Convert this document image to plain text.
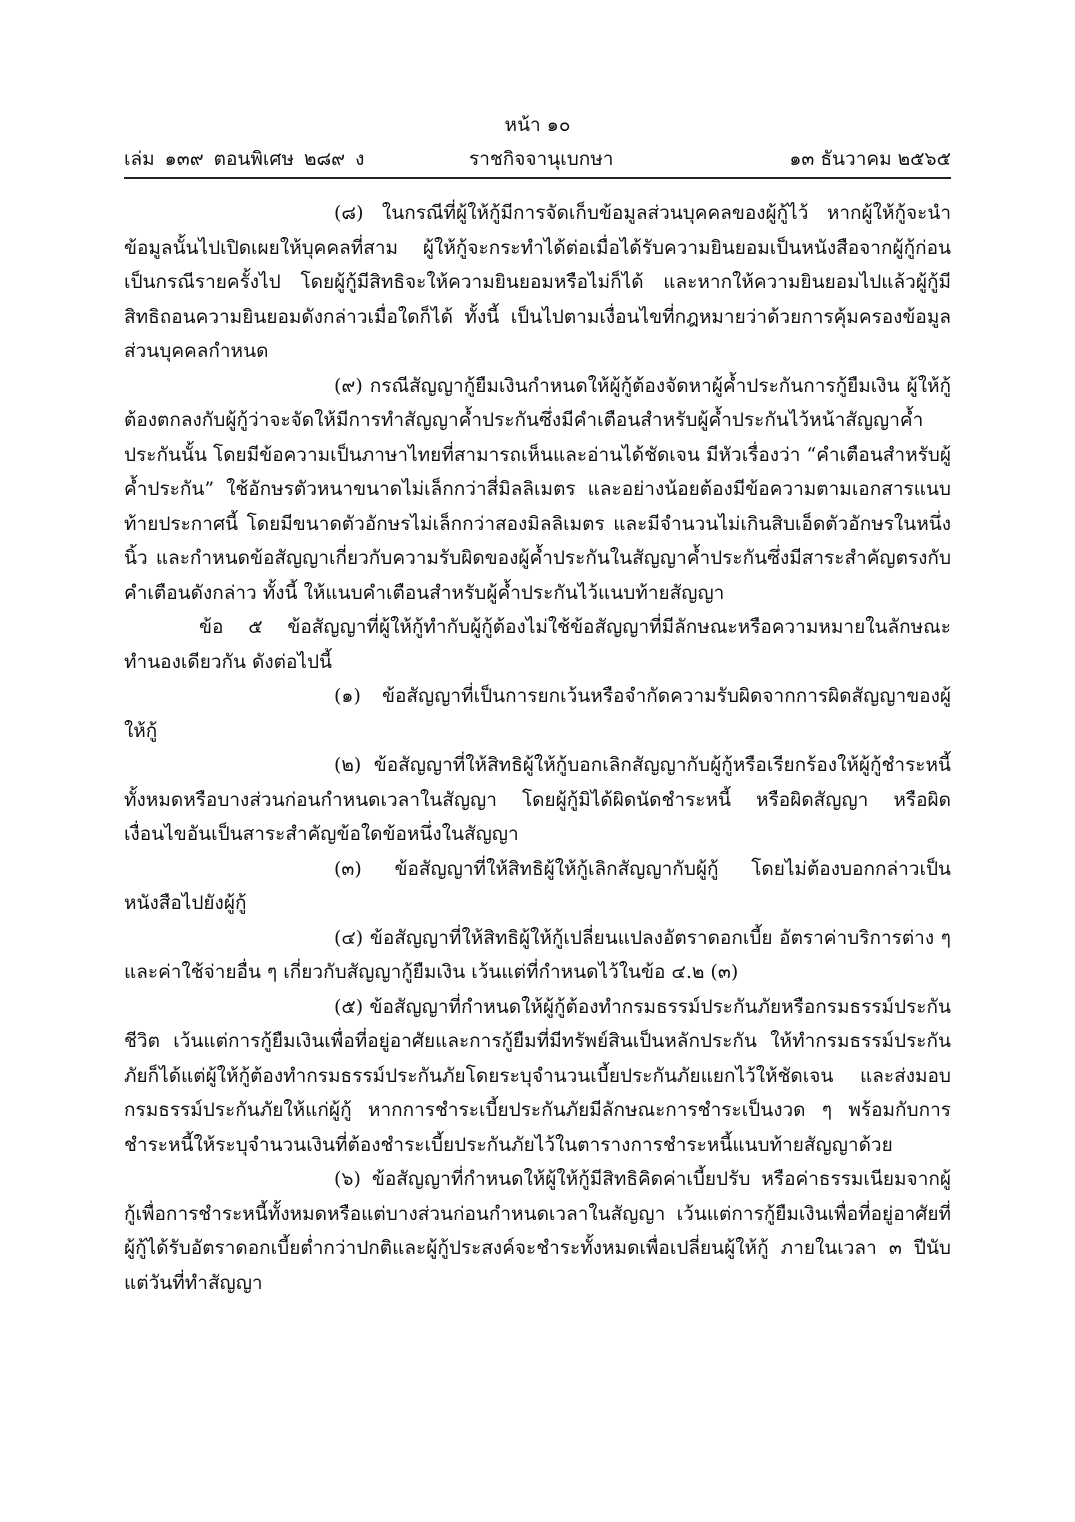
หน้า ๑๐
เล่ม ๑๓๙ ตอนพิเศษ ๒๘๙ ง	ราชกิจจานุเบกษา	๑๓ ธันวาคม ๒๕๖๕

(๘) ในกรณีที่ผู้ให้กู้มีการจัดเก็บข้อมูลส่วนบุคคลของผู้กู้ไว้ หากผู้ให้กู้จะนำข้อมูลนั้นไปเปิดเผยให้บุคคลที่สาม ผู้ให้กู้จะกระทำได้ต่อเมื่อได้รับความยินยอมเป็นหนังสือจากผู้กู้ก่อนเป็นกรณีรายครั้งไป โดยผู้กู้มีสิทธิจะให้ความยินยอมหรือไม่ก็ได้ และหากให้ความยินยอมไปแล้วผู้กู้มีสิทธิถอนความยินยอมดังกล่าวเมื่อใดก็ได้ ทั้งนี้ เป็นไปตามเงื่อนไขที่กฎหมายว่าด้วยการคุ้มครองข้อมูลส่วนบุคคลกำหนด

(๙) กรณีสัญญากู้ยืมเงินกำหนดให้ผู้กู้ต้องจัดหาผู้ค้ำประกันการกู้ยืมเงิน ผู้ให้กู้ต้องตกลงกับผู้กู้ว่าจะจัดให้มีการทำสัญญาค้ำประกันซึ่งมีคำเตือนสำหรับผู้ค้ำประกันไว้หน้าสัญญาค้ำประกันนั้น โดยมีข้อความเป็นภาษาไทยที่สามารถเห็นและอ่านได้ชัดเจน มีหัวเรื่องว่า “คำเตือนสำหรับผู้ค้ำประกัน” ใช้อักษรตัวหนาขนาดไม่เล็กกว่าสี่มิลลิเมตร และอย่างน้อยต้องมีข้อความตามเอกสารแนบท้ายประกาศนี้ โดยมีขนาดตัวอักษรไม่เล็กกว่าสองมิลลิเมตร และมีจำนวนไม่เกินสิบเอ็ดตัวอักษรในหนึ่งนิ้ว และกำหนดข้อสัญญาเกี่ยวกับความรับผิดของผู้ค้ำประกันในสัญญาค้ำประกันซึ่งมีสาระสำคัญตรงกับคำเตือนดังกล่าว ทั้งนี้ ให้แนบคำเตือนสำหรับผู้ค้ำประกันไว้แนบท้ายสัญญา

ข้อ ๕ ข้อสัญญาที่ผู้ให้กู้ทำกับผู้กู้ต้องไม่ใช้ข้อสัญญาที่มีลักษณะหรือความหมายในลักษณะทำนองเดียวกัน ดังต่อไปนี้

(๑) ข้อสัญญาที่เป็นการยกเว้นหรือจำกัดความรับผิดจากการผิดสัญญาของผู้ให้กู้

(๒) ข้อสัญญาที่ให้สิทธิผู้ให้กู้บอกเลิกสัญญากับผู้กู้หรือเรียกร้องให้ผู้กู้ชำระหนี้ทั้งหมดหรือบางส่วนก่อนกำหนดเวลาในสัญญา โดยผู้กู้มิได้ผิดนัดชำระหนี้ หรือผิดสัญญา หรือผิดเงื่อนไขอันเป็นสาระสำคัญข้อใดข้อหนึ่งในสัญญา

(๓) ข้อสัญญาที่ให้สิทธิผู้ให้กู้เลิกสัญญากับผู้กู้ โดยไม่ต้องบอกกล่าวเป็นหนังสือไปยังผู้กู้

(๔) ข้อสัญญาที่ให้สิทธิผู้ให้กู้เปลี่ยนแปลงอัตราดอกเบี้ย อัตราค่าบริการต่าง ๆ และค่าใช้จ่ายอื่น ๆ เกี่ยวกับสัญญากู้ยืมเงิน เว้นแต่ที่กำหนดไว้ในข้อ ๔.๒ (๓)

(๕) ข้อสัญญาที่กำหนดให้ผู้กู้ต้องทำกรมธรรม์ประกันภัยหรือกรมธรรม์ประกันชีวิต เว้นแต่การกู้ยืมเงินเพื่อที่อยู่อาศัยและการกู้ยืมที่มีทรัพย์สินเป็นหลักประกัน ให้ทำกรมธรรม์ประกันภัยก็ได้แต่ผู้ให้กู้ต้องทำกรมธรรม์ประกันภัยโดยระบุจำนวนเบี้ยประกันภัยแยกไว้ให้ชัดเจน และส่งมอบกรมธรรม์ประกันภัยให้แก่ผู้กู้ หากการชำระเบี้ยประกันภัยมีลักษณะการชำระเป็นงวด ๆ พร้อมกับการชำระหนี้ให้ระบุจำนวนเงินที่ต้องชำระเบี้ยประกันภัยไว้ในตารางการชำระหนี้แนบท้ายสัญญาด้วย

(๖) ข้อสัญญาที่กำหนดให้ผู้ให้กู้มีสิทธิคิดค่าเบี้ยปรับ หรือค่าธรรมเนียมจากผู้กู้เพื่อการชำระหนี้ทั้งหมดหรือแต่บางส่วนก่อนกำหนดเวลาในสัญญา เว้นแต่การกู้ยืมเงินเพื่อที่อยู่อาศัยที่ผู้กู้ได้รับอัตราดอกเบี้ยต่ำกว่าปกติและผู้กู้ประสงค์จะชำระทั้งหมดเพื่อเปลี่ยนผู้ให้กู้ ภายในเวลา ๓ ปีนับแต่วันที่ทำสัญญา
